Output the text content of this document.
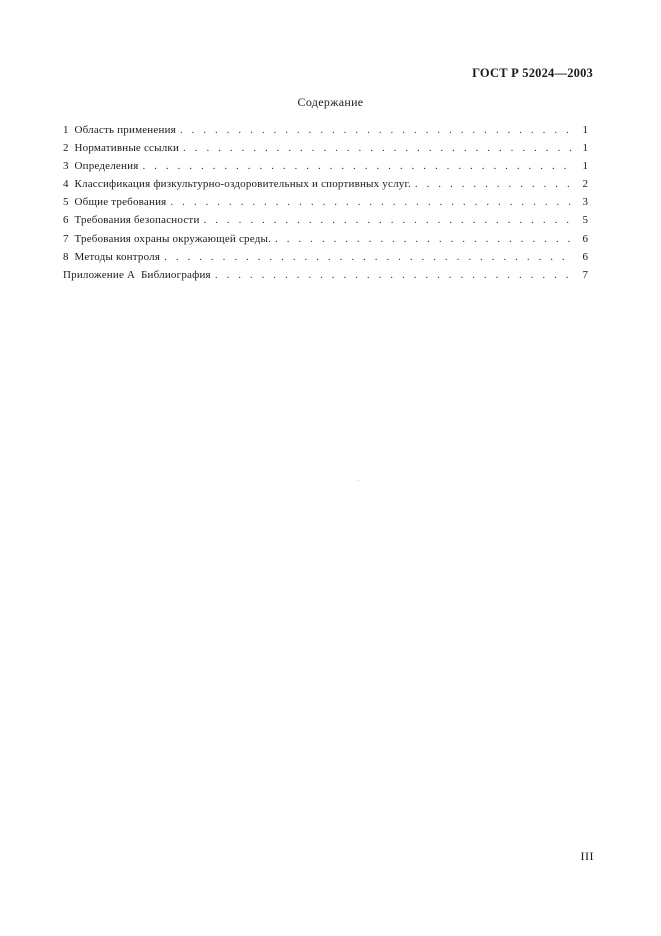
ГОСТ Р 52024—2003
Содержание
1 Область применения . . .	1
2 Нормативные ссылки . . .	1
3 Определения . . .	1
4 Классификация физкультурно-оздоровительных и спортивных услуг. . . .	2
5 Общие требования . . .	3
6 Требования безопасности . . .	5
7 Требования охраны окружающей среды. . . .	6
8 Методы контроля . . .	6
Приложение А  Библиография . . .	7
III
